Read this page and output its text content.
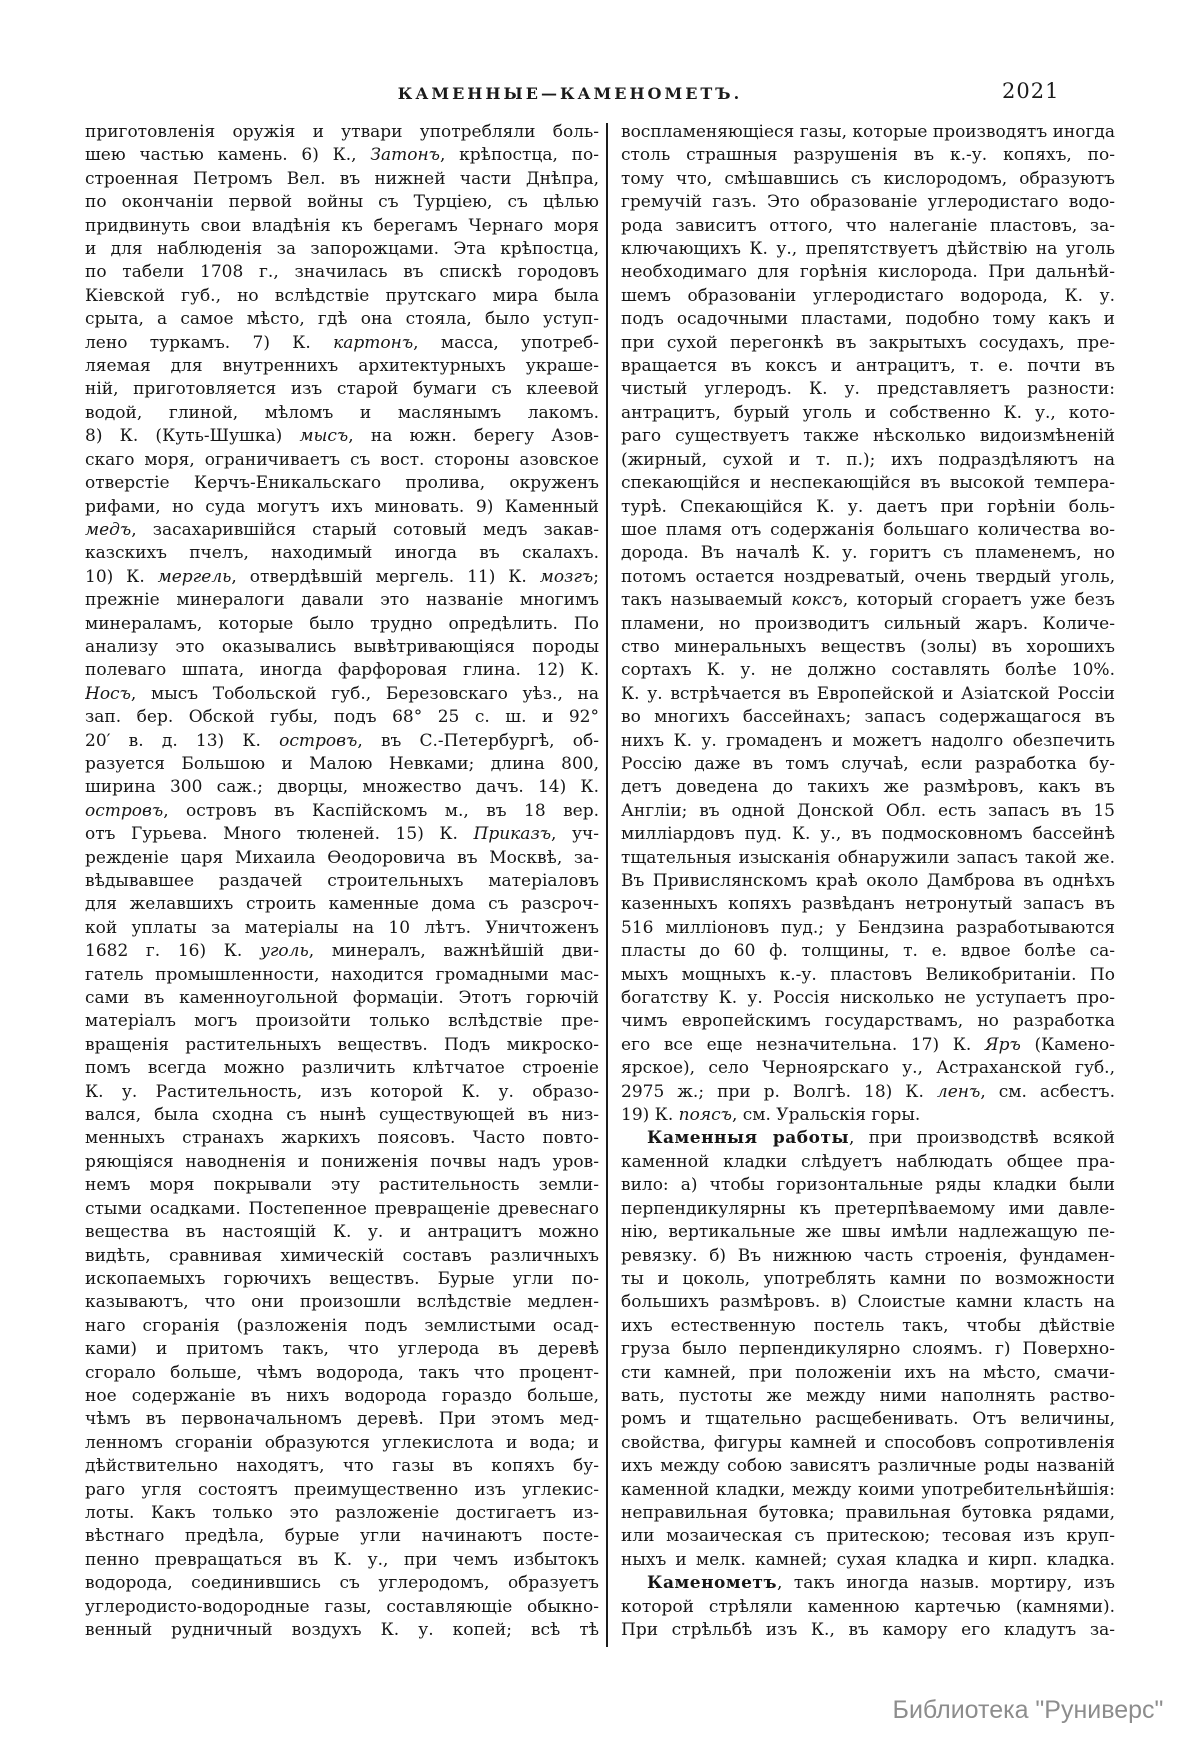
КАМЕННЫЕ—КАМЕНОМЕТЪ.	2021
приготовленія оружія и утвари употребляли боль-
шею частью камень. 6) К., Затонъ, крѣпостца, по-
строенная Петромъ Вел. въ нижней части Днѣпра,
по окончаніи первой войны съ Турціею, съ цѣлью
придвинуть свои владѣнія къ берегамъ Чернаго моря
и для наблюденія за запорожцами. Эта крѣпостца,
по табели 1708 г., значилась въ спискѣ городовъ
Кіевской губ., но вслѣдствіе прутскаго мира была
срыта, а самое мѣсто, гдѣ она стояла, было уступ-
лено туркамъ. 7) К. картонъ, масса, употреб-
ляемая для внутреннихъ архитектурныхъ украше-
ній, приготовляется изъ старой бумаги съ клеевой
водой, глиной, мѣломъ и маслянымъ лакомъ.
8) К. (Куть-Шушка) мысъ, на южн. берегу Азов-
скаго моря, ограничиваетъ съ вост. стороны азовское
отверстіе Керчъ-Еникальскаго пролива, окруженъ
рифами, но суда могутъ ихъ миновать. 9) Каменный
медъ, засахарившійся старый сотовый медъ закав-
казскихъ пчелъ, находимый иногда въ скалахъ.
10) К. мергель, отвердѣвшій мергель. 11) К. мозгъ;
прежніе минералоги давали это названіе многимъ
минераламъ, которые было трудно опредѣлить. По
анализу это оказывались вывѣтривающіяся породы
полеваго шпата, иногда фарфоровая глина. 12) К.
Носъ, мысъ Тобольской губ., Березовскаго уѣз., на
зап. бер. Обской губы, подъ 68° 25 с. ш. и 92°
20′ в. д. 13) К. островъ, въ С.-Петербургѣ, об-
разуется Большою и Малою Невками; длина 800,
ширина 300 саж.; дворцы, множество дачъ. 14) К.
островъ, островъ въ Каспійскомъ м., въ 18 вер.
отъ Гурьева. Много тюленей. 15) К. Приказъ, уч-
режденіе царя Михаила Ѳеодоровича въ Москвѣ, за-
вѣдывавшее раздачей строительныхъ матеріаловъ
для желавшихъ строить каменные дома съ разсроч-
кой уплаты за матеріалы на 10 лѣтъ. Уничтоженъ
1682 г. 16) К. уголь, минералъ, важнѣйшій дви-
гатель промышленности, находится громадными мас-
сами въ каменноугольной формаціи. Этотъ горючій
матеріалъ могъ произойти только вслѣдствіе пре-
вращенія растительныхъ веществъ. Подъ микроско-
помъ всегда можно различить клѣтчатое строеніе
К. у. Растительность, изъ которой К. у. образо-
вался, была сходна съ нынѣ существующей въ низ-
менныхъ странахъ жаркихъ поясовъ. Часто повто-
ряющіяся наводненія и пониженія почвы надъ уров-
немъ моря покрывали эту растительность земли-
стыми осадками. Постепенное превращеніе древеснаго
вещества въ настоящій К. у. и антрацитъ можно
видѣть, сравнивая химическій составъ различныхъ
ископаемыхъ горючихъ веществъ. Бурые угли по-
казываютъ, что они произошли вслѣдствіе медлен-
наго сгоранія (разложенія подъ землистыми осад-
ками) и притомъ такъ, что углерода въ деревѣ
сгорало больше, чѣмъ водорода, такъ что процент-
ное содержаніе въ нихъ водорода гораздо больше,
чѣмъ въ первоначальномъ деревѣ. При этомъ мед-
ленномъ сгораніи образуются углекислота и вода; и
дѣйствительно находятъ, что газы въ копяхъ бу-
раго угля состоятъ преимущественно изъ углекис-
лоты. Какъ только это разложеніе достигаетъ из-
вѣстнаго предѣла, бурые угли начинаютъ посте-
пенно превращаться въ К. у., при чемъ избытокъ
водорода, соединившись съ углеродомъ, образуетъ
углеродисто-водородные газы, составляющіе обыкно-
венный рудничный воздухъ К. у. копей; всѣ тѣ
воспламеняющіеся газы, которые производятъ иногда
столь страшныя разрушенія въ к.-у. копяхъ, по-
тому что, смѣшавшись съ кислородомъ, образуютъ
гремучій газъ. Это образованіе углеродистаго водо-
рода зависитъ оттого, что налеганіе пластовъ, за-
ключающихъ К. у., препятствуетъ дѣйствію на уголь
необходимаго для горѣнія кислорода. При дальнѣй-
шемъ образованіи углеродистаго водорода, К. у.
подъ осадочными пластами, подобно тому какъ и
при сухой перегонкѣ въ закрытыхъ сосудахъ, пре-
вращается въ коксъ и антрацитъ, т. е. почти въ
чистый углеродъ. К. у. представляетъ разности:
антрацитъ, бурый уголь и собственно К. у., кото-
раго существуетъ также нѣсколько видоизмѣненій
(жирный, сухой и т. п.); ихъ подраздѣляютъ на
спекающійся и неспекающійся въ высокой темпера-
турѣ. Спекающійся К. у. даетъ при горѣніи боль-
шое пламя отъ содержанія большаго количества во-
дорода. Въ началѣ К. у. горитъ съ пламенемъ, но
потомъ остается ноздреватый, очень твердый уголь,
такъ называемый коксъ, который сгораетъ уже безъ
пламени, но производитъ сильный жаръ. Количе-
ство минеральныхъ веществъ (золы) въ хорошихъ
сортахъ К. у. не должно составлять болѣе 10%.
К. у. встрѣчается въ Европейской и Азіатской Россіи
во многихъ бассейнахъ; запасъ содержащагося въ
нихъ К. у. громаденъ и можетъ надолго обезпечить
Россію даже въ томъ случаѣ, если разработка бу-
детъ доведена до такихъ же размѣровъ, какъ въ
Англіи; въ одной Донской Обл. есть запасъ въ 15
милліардовъ пуд. К. у., въ подмосковномъ бассейнѣ
тщательныя изысканія обнаружили запасъ такой же.
Въ Привислянскомъ краѣ около Дамброва въ однѣхъ
казенныхъ копяхъ развѣданъ нетронутый запасъ въ
516 милліоновъ пуд.; у Бендзина разработываются
пласты до 60 ф. толщины, т. е. вдвое болѣе са-
мыхъ мощныхъ к.-у. пластовъ Великобританіи. По
богатству К. у. Россія нисколько не уступаетъ про-
чимъ европейскимъ государствамъ, но разработка
его все еще незначительна. 17) К. Яръ (Камено-
ярское), село Черноярскаго у., Астраханской губ.,
2975 ж.; при р. Волгѣ. 18) К. ленъ, см. асбестъ.
19) К. поясъ, см. Уральскія горы.
Каменныя работы, при производствѣ всякой
каменной кладки слѣдуетъ наблюдать общее пра-
вило: а) чтобы горизонтальные ряды кладки были
перпендикулярны къ претерпѣваемому ими давле-
нію, вертикальные же швы имѣли надлежащую пе-
ревязку. б) Въ нижнюю часть строенія, фундамен-
ты и цоколь, употреблять камни по возможности
большихъ размѣровъ. в) Слоистые камни класть на
ихъ естественную постель такъ, чтобы дѣйствіе
груза было перпендикулярно слоямъ. г) Поверхно-
сти камней, при положеніи ихъ на мѣсто, смачи-
вать, пустоты же между ними наполнять раство-
ромъ и тщательно расщебенивать. Отъ величины,
свойства, фигуры камней и способовъ сопротивленія
ихъ между собою зависятъ различные роды названій
каменной кладки, между коими употребительнѣйшія:
неправильная бутовка; правильная бутовка рядами,
или мозаическая съ притескою; тесовая изъ круп-
ныхъ и мелк. камней; сухая кладка и кирп. кладка.
Каменометъ, такъ иногда назыв. мортиру, изъ
которой стрѣляли каменною картечью (камнями).
При стрѣльбѣ изъ К., въ камору его кладутъ за-
Библиотека "Руниверс"
